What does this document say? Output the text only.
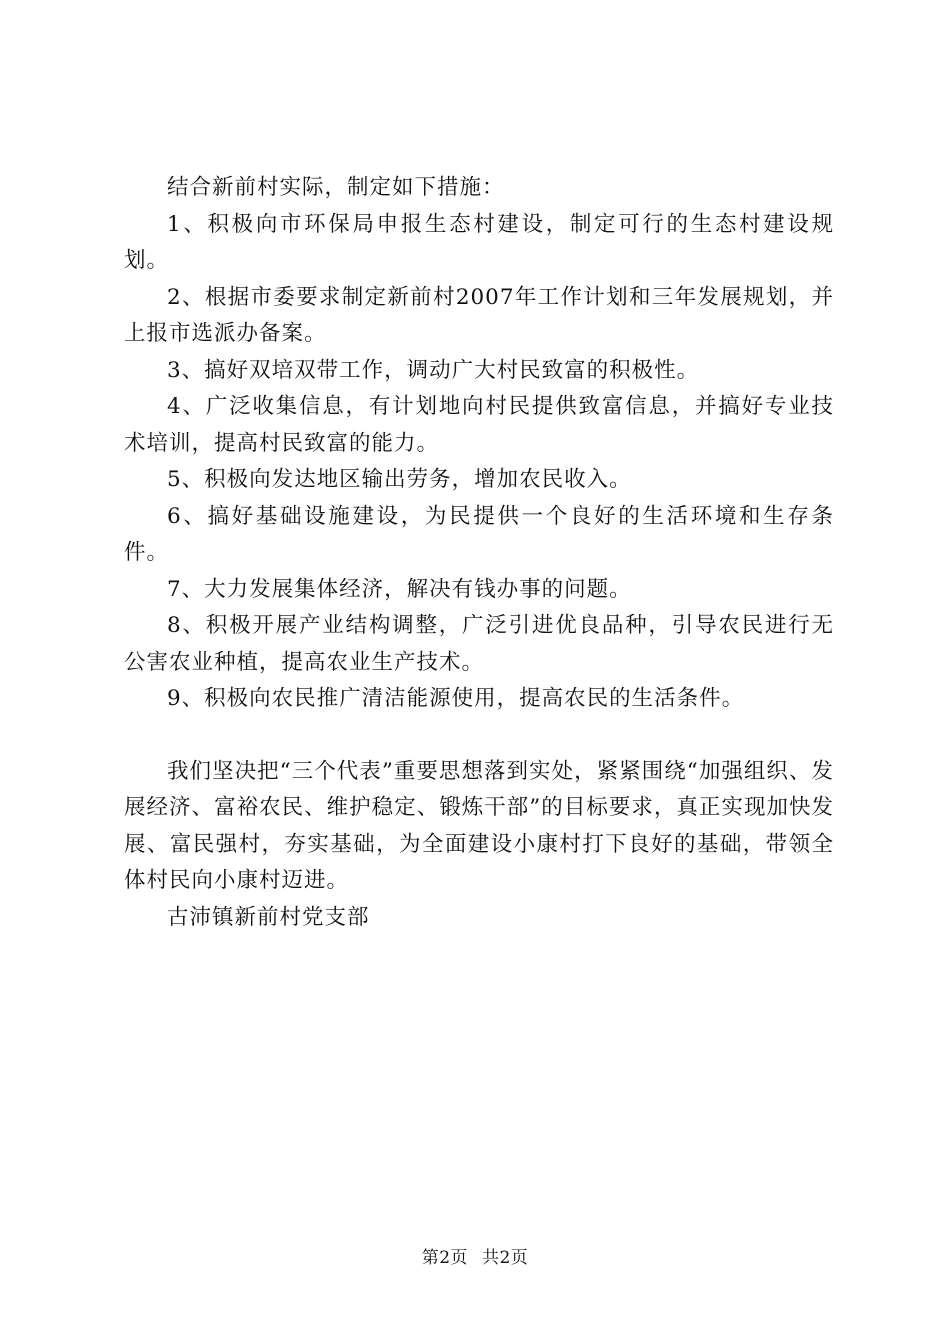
结合新前村实际，制定如下措施：

1、积极向市环保局申报生态村建设，制定可行的生态村建设规划。

2、根据市委要求制定新前村2007年工作计划和三年发展规划，并上报市选派办备案。

3、搞好双培双带工作，调动广大村民致富的积极性。

4、广泛收集信息，有计划地向村民提供致富信息，并搞好专业技术培训，提高村民致富的能力。

5、积极向发达地区输出劳务，增加农民收入。

6、搞好基础设施建设，为民提供一个良好的生活环境和生存条件。

7、大力发展集体经济，解决有钱办事的问题。

8、积极开展产业结构调整，广泛引进优良品种，引导农民进行无公害农业种植，提高农业生产技术。

9、积极向农民推广清洁能源使用，提高农民的生活条件。

我们坚决把“三个代表”重要思想落到实处，紧紧围绕“加强组织、发展经济、富裕农民、维护稳定、锻炼干部”的目标要求，真正实现加快发展、富民强村，夯实基础，为全面建设小康村打下良好的基础，带领全体村民向小康村迈进。

古沛镇新前村党支部

第2页 共2页
